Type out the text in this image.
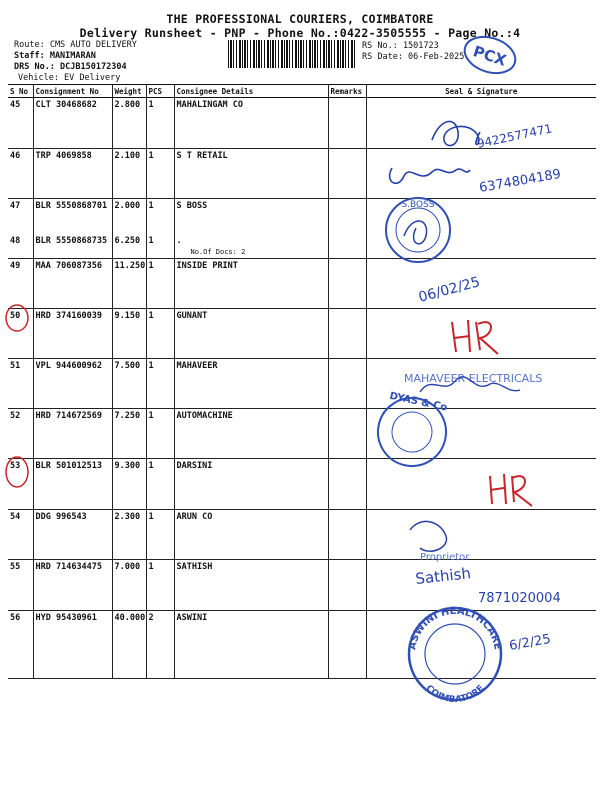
THE PROFESSIONAL COURIERS, COIMBATORE
Delivery Runsheet - PNP - Phone No.:0422-3505555 - Page No.:4
Route: CMS AUTO DELIVERY
Staff: MANIMARAN
DRS No.: DCJB150172304
Vehicle: EV Delivery
RS No.: 1501723
RS Date: 06-Feb-2025
S No	Consignment No	Weight	PCS	Consignee Details	Remarks	Seal & Signature
45	CLT 30468682	2.800	1	MAHALINGAM CO		
46	TRP 4069858	2.100	1	S T RETAIL		
47	BLR 5550868701	2.000	1	S BOSS		
48	BLR 5550868735	6.250	1	.
No.Of Docs: 2		

49	MAA 706087356	11.250	1	INSIDE PRINT		
50	HRD 374160039	9.150	1	GUNANT		
51	VPL 944600962	7.500	1	MAHAVEER		
52	HRD 714672569	7.250	1	AUTOMACHINE		
53	BLR 501012513	9.300	1	DARSINI		
54	DDG 996543	2.300	1	ARUN CO		
55	HRD 714634475	7.000	1	SATHISH		
56	HYD 95430961	40.000	2	ASWINI		
PCX
9422577471
6374804189
S.BOSS
06/02/25
MAHAVEER ELECTRICALS
DYAS & Co
Proprietor
Sathish
7871020004
ASWINI HEALTHCARE
COIMBATORE
6/2/25
